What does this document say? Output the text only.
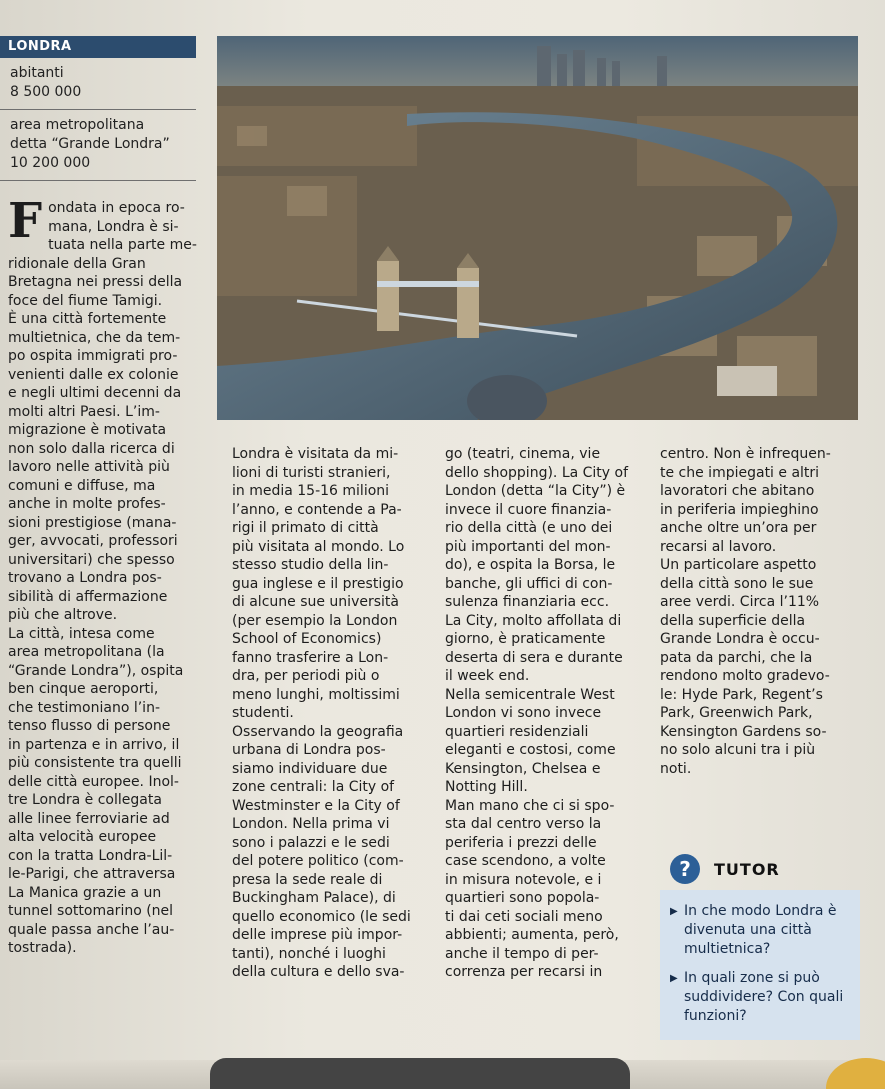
LONDRA
abitanti
8 500 000
area metropolitana
detta “Grande Londra”
10 200 000
F ondata in epoca ro-
mana, Londra è si-
tuata nella parte me-
ridionale della Gran
Bretagna nei pressi della
foce del fiume Tamigi.
È una città fortemente
multietnica, che da tem-
po ospita immigrati pro-
venienti dalle ex colonie
e negli ultimi decenni da
molti altri Paesi. L’im-
migrazione è motivata
non solo dalla ricerca di
lavoro nelle attività più
comuni e diffuse, ma
anche in molte profes-
sioni prestigiose (mana-
ger, avvocati, professori
universitari) che spesso
trovano a Londra pos-
sibilità di affermazione
più che altrove.
La città, intesa come
area metropolitana (la
“Grande Londra”), ospita
ben cinque aeroporti,
che testimoniano l’in-
tenso flusso di persone
in partenza e in arrivo, il
più consistente tra quelli
delle città europee. Inol-
tre Londra è collegata
alle linee ferroviarie ad
alta velocità europee
con la tratta Londra-Lil-
le-Parigi, che attraversa
La Manica grazie a un
tunnel sottomarino (nel
quale passa anche l’au-
tostrada).
Londra è visitata da mi-
lioni di turisti stranieri,
in media 15-16 milioni
l’anno, e contende a Pa-
rigi il primato di città
più visitata al mondo. Lo
stesso studio della lin-
gua inglese e il prestigio
di alcune sue università
(per esempio la London
School of Economics)
fanno trasferire a Lon-
dra, per periodi più o
meno lunghi, moltissimi
studenti.
Osservando la geografia
urbana di Londra pos-
siamo individuare due
zone centrali: la City of
Westminster e la City of
London. Nella prima vi
sono i palazzi e le sedi
del potere politico (com-
presa la sede reale di
Buckingham Palace), di
quello economico (le sedi
delle imprese più impor-
tanti), nonché i luoghi
della cultura e dello sva-
go (teatri, cinema, vie
dello shopping). La City of
London (detta “la City”) è
invece il cuore finanzia-
rio della città (e uno dei
più importanti del mon-
do), e ospita la Borsa, le
banche, gli uffici di con-
sulenza finanziaria ecc.
La City, molto affollata di
giorno, è praticamente
deserta di sera e durante
il week end.
Nella semicentrale West
London vi sono invece
quartieri residenziali
eleganti e costosi, come
Kensington, Chelsea e
Notting Hill.
Man mano che ci si spo-
sta dal centro verso la
periferia i prezzi delle
case scendono, a volte
in misura notevole, e i
quartieri sono popola-
ti dai ceti sociali meno
abbienti; aumenta, però,
anche il tempo di per-
correnza per recarsi in
centro. Non è infrequen-
te che impiegati e altri
lavoratori che abitano
in periferia impieghino
anche oltre un’ora per
recarsi al lavoro.
Un particolare aspetto
della città sono le sue
aree verdi. Circa l’11%
della superficie della
Grande Londra è occu-
pata da parchi, che la
rendono molto gradevo-
le: Hyde Park, Regent’s
Park, Greenwich Park,
Kensington Gardens so-
no solo alcuni tra i più
noti.
?	TUTOR
▶ In che modo Londra è divenuta una città multietnica?
▶ In quali zone si può suddividere? Con quali funzioni?
